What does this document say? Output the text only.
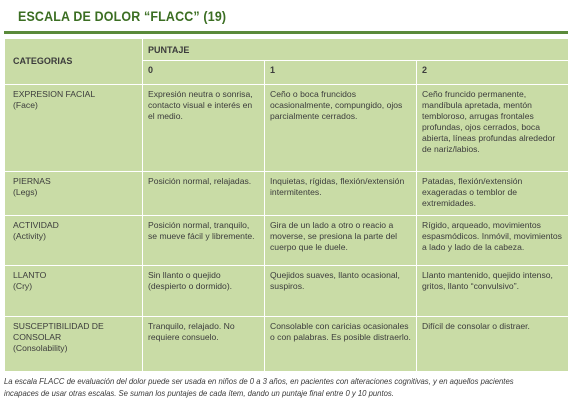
ESCALA DE DOLOR “FLACC” (19)
CATEGORIAS	PUNTAJE		
	0	1	2

EXPRESION FACIAL
(Face)	Expresión neutra o sonrisa, contacto visual e interés en el medio.	Ceño o boca fruncidos ocasionalmente, compungido, ojos parcialmente cerrados.	Ceño fruncido permanente, mandíbula apretada, mentón tembloroso, arrugas frontales profundas, ojos cerrados, boca abierta, líneas profundas alrededor de nariz/labios.

PIERNAS
(Legs)	Posición normal, relajadas.	Inquietas, rígidas, flexión/extensión intermitentes.	Patadas, flexión/extensión exageradas o temblor de extremidades.

ACTIVIDAD
(Activity)	Posición normal, tranquilo, se mueve fácil y libremente.	Gira de un lado a otro o reacio a moverse, se presiona la parte del cuerpo que le duele.	Rígido, arqueado, movimientos espasmódicos. Inmóvil, movimientos a lado y lado de la cabeza.

LLANTO
(Cry)	Sin llanto o quejido (despierto o dormido).	Quejidos suaves, llanto ocasional, suspiros.	Llanto mantenido, quejido intenso, gritos, llanto “convulsivo”.

SUSCEPTIBILIDAD DE CONSOLAR
(Consolability)	Tranquilo, relajado. No requiere consuelo.	Consolable con caricias ocasionales o con palabras. Es posible distraerlo.	Difícil de consolar o distraer.
La escala FLACC de evaluación del dolor puede ser usada en niños de 0 a 3 años, en pacientes con alteraciones cognitivas, y en aquellos pacientes incapaces de usar otras escalas. Se suman los puntajes de cada ítem, dando un puntaje final entre 0 y 10 puntos.
